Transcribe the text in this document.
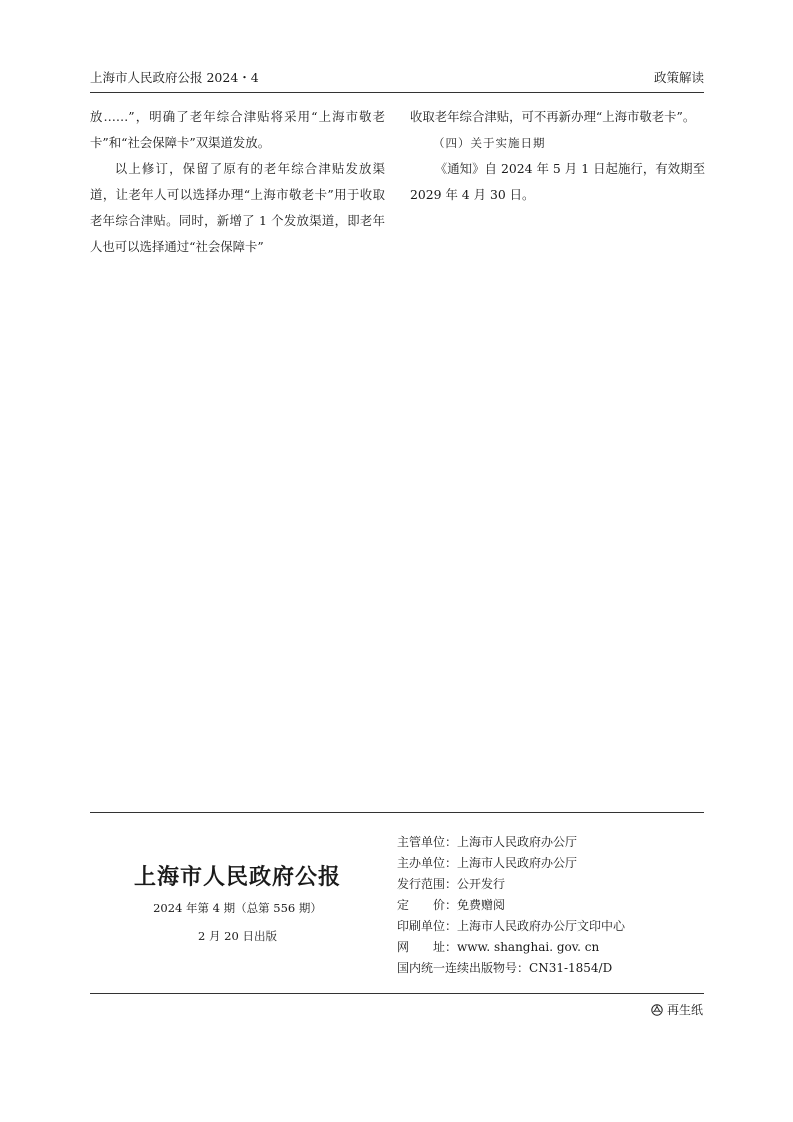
上海市人民政府公报 2024・4	政策解读

放……”，明确了老年综合津贴将采用“上海市敬老卡”和“社会保障卡”双渠道发放。

以上修订，保留了原有的老年综合津贴发放渠道，让老年人可以选择办理“上海市敬老卡”用于收取老年综合津贴。同时，新增了 1 个发放渠道，即老年人也可以选择通过“社会保障卡”

收取老年综合津贴，可不再新办理“上海市敬老卡”。

（四）关于实施日期

《通知》自 2024 年 5 月 1 日起施行，有效期至 2029 年 4 月 30 日。

上海市人民政府公报
2024 年第 4 期（总第 556 期）
2 月 20 日出版
主管单位：上海市人民政府办公厅
主办单位：上海市人民政府办公厅
发行范围：公开发行
定　　价：免费赠阅
印刷单位：上海市人民政府办公厅文印中心
网　　址：www. shanghai. gov. cn
国内统一连续出版物号：CN31-1854/D
再生纸
